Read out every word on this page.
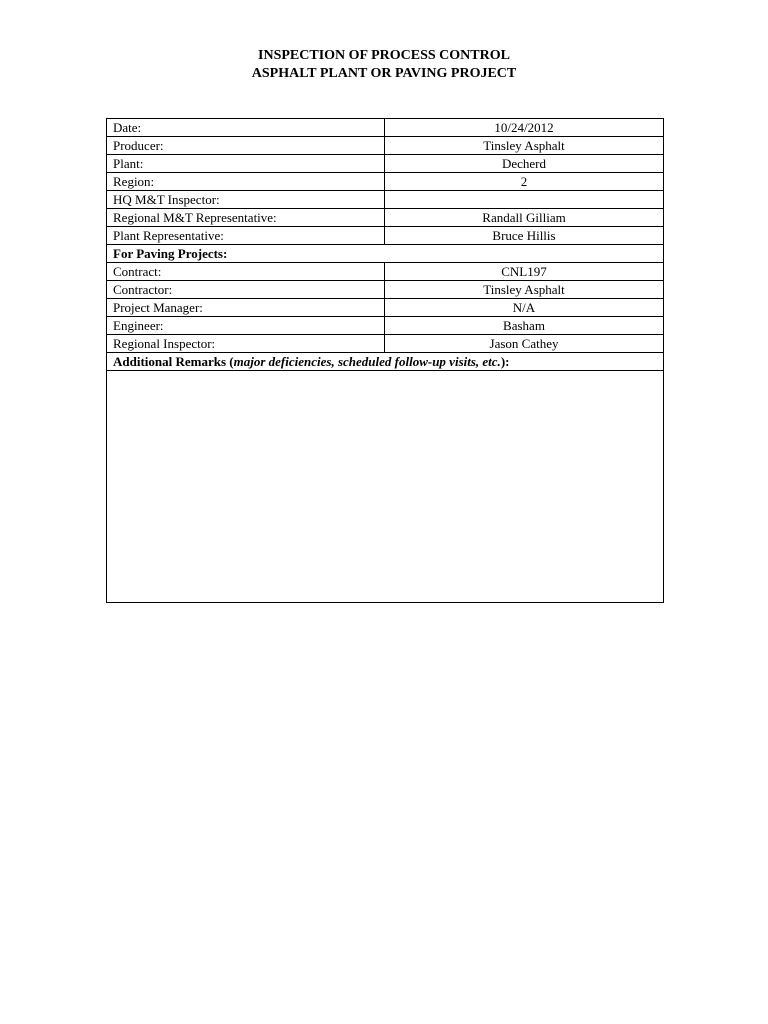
INSPECTION OF PROCESS CONTROL
ASPHALT PLANT OR PAVING PROJECT
Date:	10/24/2012
Producer:	Tinsley Asphalt
Plant:	Decherd
Region:	2
HQ M&T Inspector:	
Regional M&T Representative:	Randall Gilliam
Plant Representative:	Bruce Hillis
For Paving Projects:	
Contract:	CNL197
Contractor:	Tinsley Asphalt
Project Manager:	N/A
Engineer:	Basham
Regional Inspector:	Jason Cathey
Additional Remarks (major deficiencies, scheduled follow-up visits, etc.):	
